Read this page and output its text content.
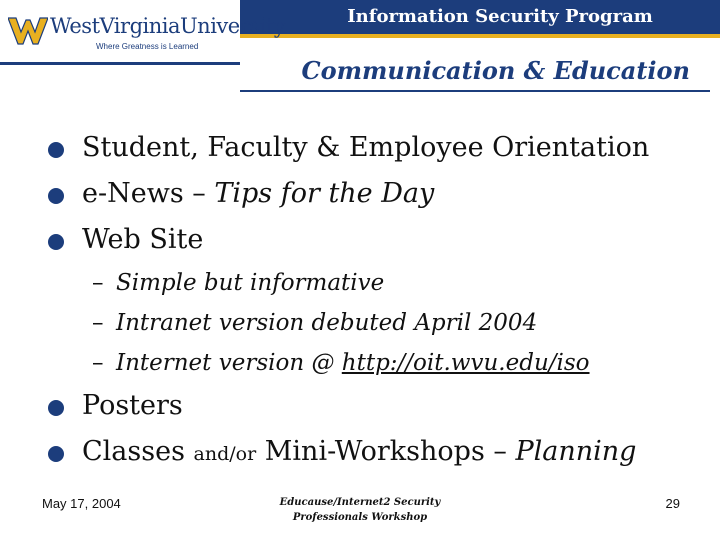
Information Security Program
WestVirginiaUniversity.
Where Greatness is Learned
Communication & Education
Student, Faculty & Employee Orientation
e-News – Tips for the Day
Web Site
– Simple but informative
– Intranet version debuted April 2004
– Internet version @ http://oit.wvu.edu/iso
Posters
Classes and/or Mini-Workshops – Planning
May 17, 2004	Educause/Internet2 Security
Professionals Workshop
29
